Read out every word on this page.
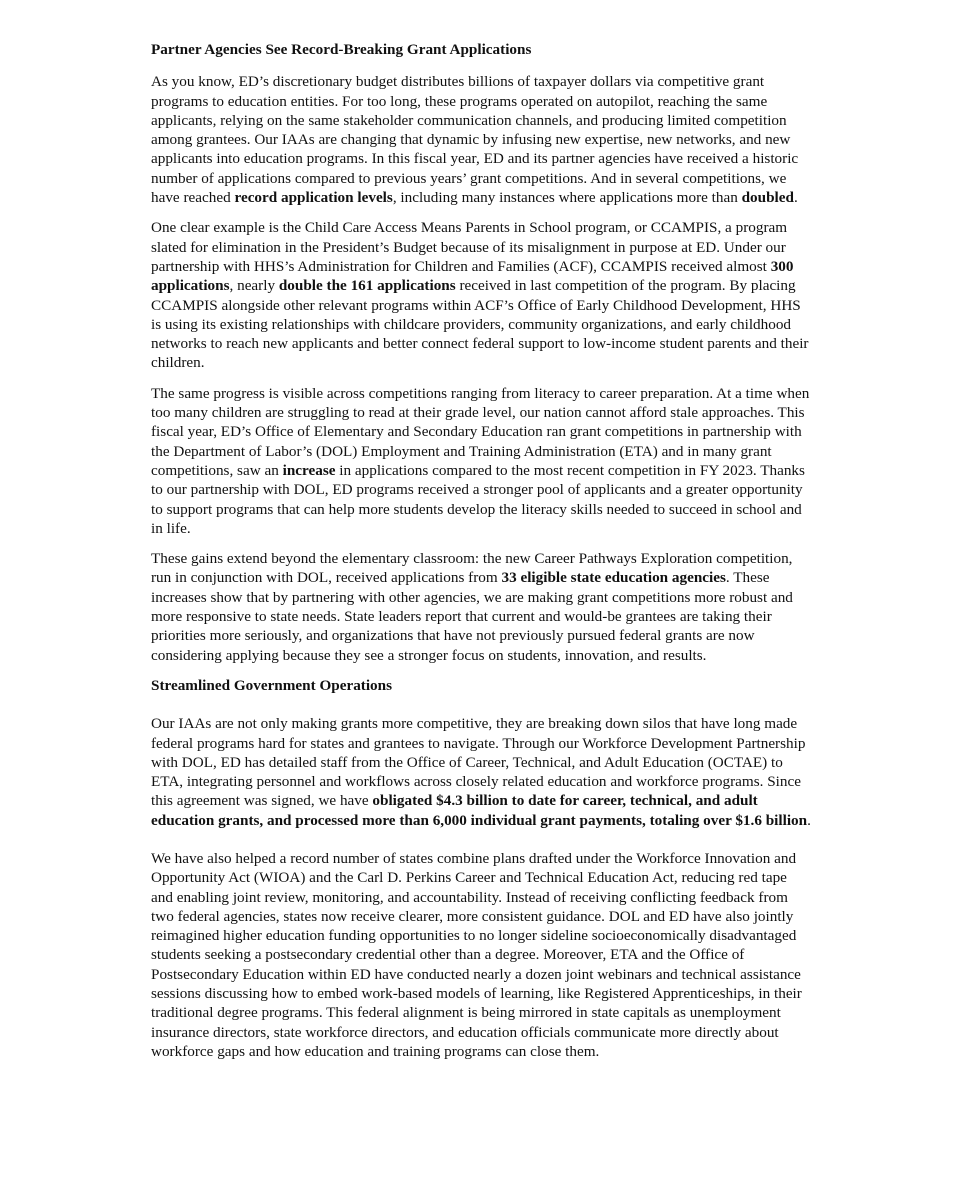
Partner Agencies See Record-Breaking Grant Applications

As you know, ED’s discretionary budget distributes billions of taxpayer dollars via competitive grant programs to education entities. For too long, these programs operated on autopilot, reaching the same applicants, relying on the same stakeholder communication channels, and producing limited competition among grantees. Our IAAs are changing that dynamic by infusing new expertise, new networks, and new applicants into education programs. In this fiscal year, ED and its partner agencies have received a historic number of applications compared to previous years’ grant competitions. And in several competitions, we have reached record application levels, including many instances where applications more than doubled.

One clear example is the Child Care Access Means Parents in School program, or CCAMPIS, a program slated for elimination in the President’s Budget because of its misalignment in purpose at ED. Under our partnership with HHS’s Administration for Children and Families (ACF), CCAMPIS received almost 300 applications, nearly double the 161 applications received in last competition of the program. By placing CCAMPIS alongside other relevant programs within ACF’s Office of Early Childhood Development, HHS is using its existing relationships with childcare providers, community organizations, and early childhood networks to reach new applicants and better connect federal support to low-income student parents and their children.

The same progress is visible across competitions ranging from literacy to career preparation. At a time when too many children are struggling to read at their grade level, our nation cannot afford stale approaches. This fiscal year, ED’s Office of Elementary and Secondary Education ran grant competitions in partnership with the Department of Labor’s (DOL) Employment and Training Administration (ETA) and in many grant competitions, saw an increase in applications compared to the most recent competition in FY 2023. Thanks to our partnership with DOL, ED programs received a stronger pool of applicants and a greater opportunity to support programs that can help more students develop the literacy skills needed to succeed in school and in life.

These gains extend beyond the elementary classroom: the new Career Pathways Exploration competition, run in conjunction with DOL, received applications from 33 eligible state education agencies. These increases show that by partnering with other agencies, we are making grant competitions more robust and more responsive to state needs. State leaders report that current and would-be grantees are taking their priorities more seriously, and organizations that have not previously pursued federal grants are now considering applying because they see a stronger focus on students, innovation, and results.

Streamlined Government Operations

Our IAAs are not only making grants more competitive, they are breaking down silos that have long made federal programs hard for states and grantees to navigate. Through our Workforce Development Partnership with DOL, ED has detailed staff from the Office of Career, Technical, and Adult Education (OCTAE) to ETA, integrating personnel and workflows across closely related education and workforce programs. Since this agreement was signed, we have obligated $4.3 billion to date for career, technical, and adult education grants, and processed more than 6,000 individual grant payments, totaling over $1.6 billion.

We have also helped a record number of states combine plans drafted under the Workforce Innovation and Opportunity Act (WIOA) and the Carl D. Perkins Career and Technical Education Act, reducing red tape and enabling joint review, monitoring, and accountability. Instead of receiving conflicting feedback from two federal agencies, states now receive clearer, more consistent guidance. DOL and ED have also jointly reimagined higher education funding opportunities to no longer sideline socioeconomically disadvantaged students seeking a postsecondary credential other than a degree. Moreover, ETA and the Office of Postsecondary Education within ED have conducted nearly a dozen joint webinars and technical assistance sessions discussing how to embed work-based models of learning, like Registered Apprenticeships, in their traditional degree programs. This federal alignment is being mirrored in state capitals as unemployment insurance directors, state workforce directors, and education officials communicate more directly about workforce gaps and how education and training programs can close them.
